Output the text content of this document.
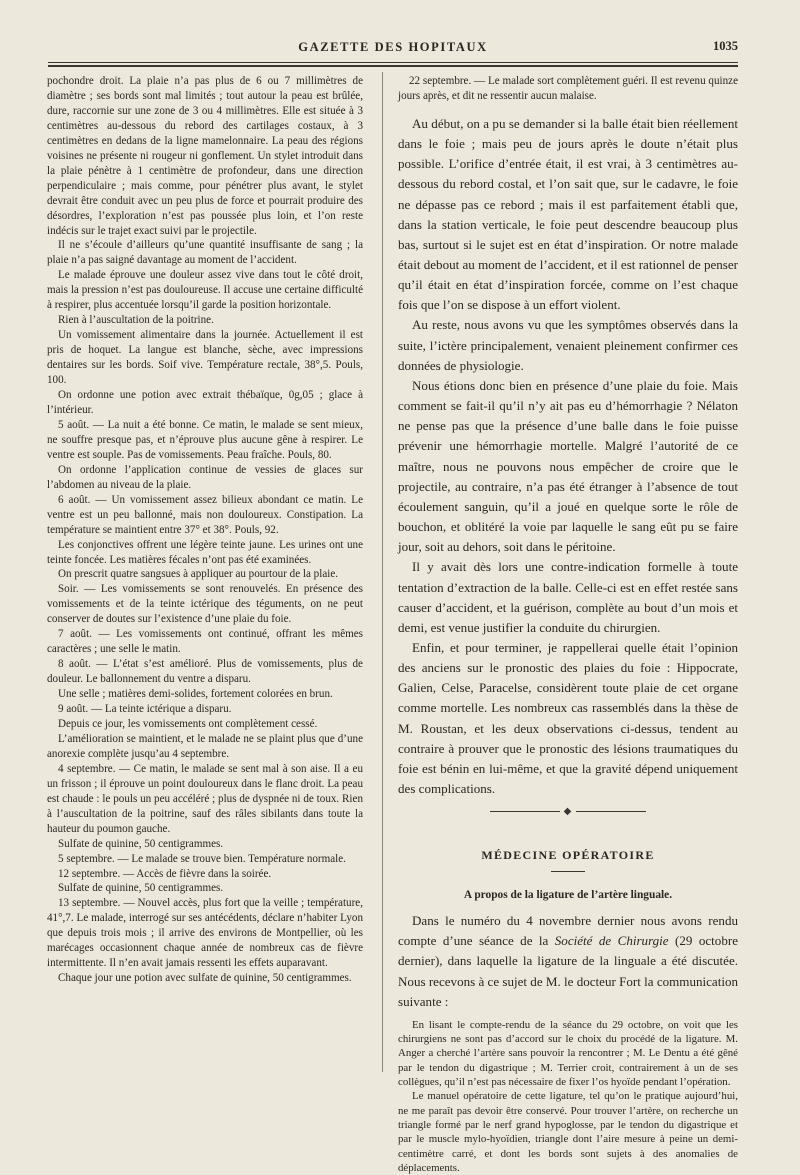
GAZETTE DES HOPITAUX	1035

pochondre droit. La plaie n’a pas plus de 6 ou 7 millimètres de diamètre ; ses bords sont mal limités ; tout autour la peau est brûlée, dure, raccornie sur une zone de 3 ou 4 millimètres. Elle est située à 3 centimètres au-dessous du rebord des cartilages costaux, à 3 centimètres en dedans de la ligne mamelonnaire. La peau des régions voisines ne présente ni rougeur ni gonflement. Un stylet introduit dans la plaie pénètre à 1 centimètre de profondeur, dans une direction perpendiculaire ; mais comme, pour pénétrer plus avant, le stylet devrait être conduit avec un peu plus de force et pourrait produire des désordres, l’exploration n’est pas poussée plus loin, et l’on reste indécis sur le trajet exact suivi par le projectile.

Il ne s’écoule d’ailleurs qu’une quantité insuffisante de sang ; la plaie n’a pas saigné davantage au moment de l’accident.

Le malade éprouve une douleur assez vive dans tout le côté droit, mais la pression n’est pas douloureuse. Il accuse une certaine difficulté à respirer, plus accentuée lorsqu’il garde la position horizontale.

Rien à l’auscultation de la poitrine.

Un vomissement alimentaire dans la journée. Actuellement il est pris de hoquet. La langue est blanche, sèche, avec impressions dentaires sur les bords. Soif vive. Température rectale, 38°,5. Pouls, 100.

On ordonne une potion avec extrait thébaïque, 0g,05 ; glace à l’intérieur.

5 août. — La nuit a été bonne. Ce matin, le malade se sent mieux, ne souffre presque pas, et n’éprouve plus aucune gêne à respirer. Le ventre est souple. Pas de vomissements. Peau fraîche. Pouls, 80.

On ordonne l’application continue de vessies de glaces sur l’abdomen au niveau de la plaie.

6 août. — Un vomissement assez bilieux abondant ce matin. Le ventre est un peu ballonné, mais non douloureux. Constipation. La température se maintient entre 37° et 38°. Pouls, 92.

Les conjonctives offrent une légère teinte jaune. Les urines ont une teinte foncée. Les matières fécales n’ont pas été examinées.

On prescrit quatre sangsues à appliquer au pourtour de la plaie.

Soir. — Les vomissements se sont renouvelés. En présence des vomissements et de la teinte ictérique des téguments, on ne peut conserver de doutes sur l’existence d’une plaie du foie.

7 août. — Les vomissements ont continué, offrant les mêmes caractères ; une selle le matin.

8 août. — L’état s’est amélioré. Plus de vomissements, plus de douleur. Le ballonnement du ventre a disparu.

Une selle ; matières demi-solides, fortement colorées en brun.

9 août. — La teinte ictérique a disparu.

Depuis ce jour, les vomissements ont complètement cessé.

L’amélioration se maintient, et le malade ne se plaint plus que d’une anorexie complète jusqu’au 4 septembre.

4 septembre. — Ce matin, le malade se sent mal à son aise. Il a eu un frisson ; il éprouve un point douloureux dans le flanc droit. La peau est chaude : le pouls un peu accéléré ; plus de dyspnée ni de toux. Rien à l’auscultation de la poitrine, sauf des râles sibilants dans toute la hauteur du poumon gauche.

Sulfate de quinine, 50 centigrammes.

5 septembre. — Le malade se trouve bien. Température normale.

12 septembre. — Accès de fièvre dans la soirée.

Sulfate de quinine, 50 centigrammes.

13 septembre. — Nouvel accès, plus fort que la veille ; température, 41°,7. Le malade, interrogé sur ses antécédents, déclare n’habiter Lyon que depuis trois mois ; il arrive des environs de Montpellier, où les marécages occasionnent chaque année de nombreux cas de fièvre intermittente. Il n’en avait jamais ressenti les effets auparavant.

Chaque jour une potion avec sulfate de quinine, 50 centigrammes.

22 septembre. — Le malade sort complètement guéri. Il est revenu quinze jours après, et dit ne ressentir aucun malaise.

Au début, on a pu se demander si la balle était bien réellement dans le foie ; mais peu de jours après le doute n’était plus possible. L’orifice d’entrée était, il est vrai, à 3 centimètres au-dessous du rebord costal, et l’on sait que, sur le cadavre, le foie ne dépasse pas ce rebord ; mais il est parfaitement établi que, dans la station verticale, le foie peut descendre beaucoup plus bas, surtout si le sujet est en état d’inspiration. Or notre malade était debout au moment de l’accident, et il est rationnel de penser qu’il était en état d’inspiration forcée, comme on l’est chaque fois que l’on se dispose à un effort violent.

Au reste, nous avons vu que les symptômes observés dans la suite, l’ictère principalement, venaient pleinement confirmer ces données de physiologie.

Nous étions donc bien en présence d’une plaie du foie. Mais comment se fait-il qu’il n’y ait pas eu d’hémorrhagie ? Nélaton ne pense pas que la présence d’une balle dans le foie puisse prévenir une hémorrhagie mortelle. Malgré l’autorité de ce maître, nous ne pouvons nous empêcher de croire que le projectile, au contraire, n’a pas été étranger à l’absence de tout écoulement sanguin, qu’il a joué en quelque sorte le rôle de bouchon, et oblitéré la voie par laquelle le sang eût pu se faire jour, soit au dehors, soit dans le péritoine.

Il y avait dès lors une contre-indication formelle à toute tentation d’extraction de la balle. Celle-ci est en effet restée sans causer d’accident, et la guérison, complète au bout d’un mois et demi, est venue justifier la conduite du chirurgien.

Enfin, et pour terminer, je rappellerai quelle était l’opinion des anciens sur le pronostic des plaies du foie : Hippocrate, Galien, Celse, Paracelse, considèrent toute plaie de cet organe comme mortelle. Les nombreux cas rassemblés dans la thèse de M. Roustan, et les deux observations ci-dessus, tendent au contraire à prouver que le pronostic des lésions traumatiques du foie est bénin en lui-même, et que la gravité dépend uniquement des complications.

◆
MÉDECINE OPÉRATOIRE
A propos de la ligature de l’artère linguale.

Dans le numéro du 4 novembre dernier nous avons rendu compte d’une séance de la Société de Chirurgie (29 octobre dernier), dans laquelle la ligature de la linguale a été discutée. Nous recevons à ce sujet de M. le docteur Fort la communication suivante :

En lisant le compte-rendu de la séance du 29 octobre, on voit que les chirurgiens ne sont pas d’accord sur le choix du procédé de la ligature. M. Anger a cherché l’artère sans pouvoir la rencontrer ; M. Le Dentu a été gêné par le tendon du digastrique ; M. Terrier croit, contrairement à un de ses collègues, qu’il n’est pas nécessaire de fixer l’os hyoïde pendant l’opération.

Le manuel opératoire de cette ligature, tel qu’on le pratique aujourd’hui, ne me paraît pas devoir être conservé. Pour trouver l’artère, on recherche un triangle formé par le nerf grand hypoglosse, par le tendon du digastrique et par le muscle mylo-hyoïdien, triangle dont l’aire mesure à peine un demi-centimètre carré, et dont les bords sont sujets à des anomalies de déplacements.
